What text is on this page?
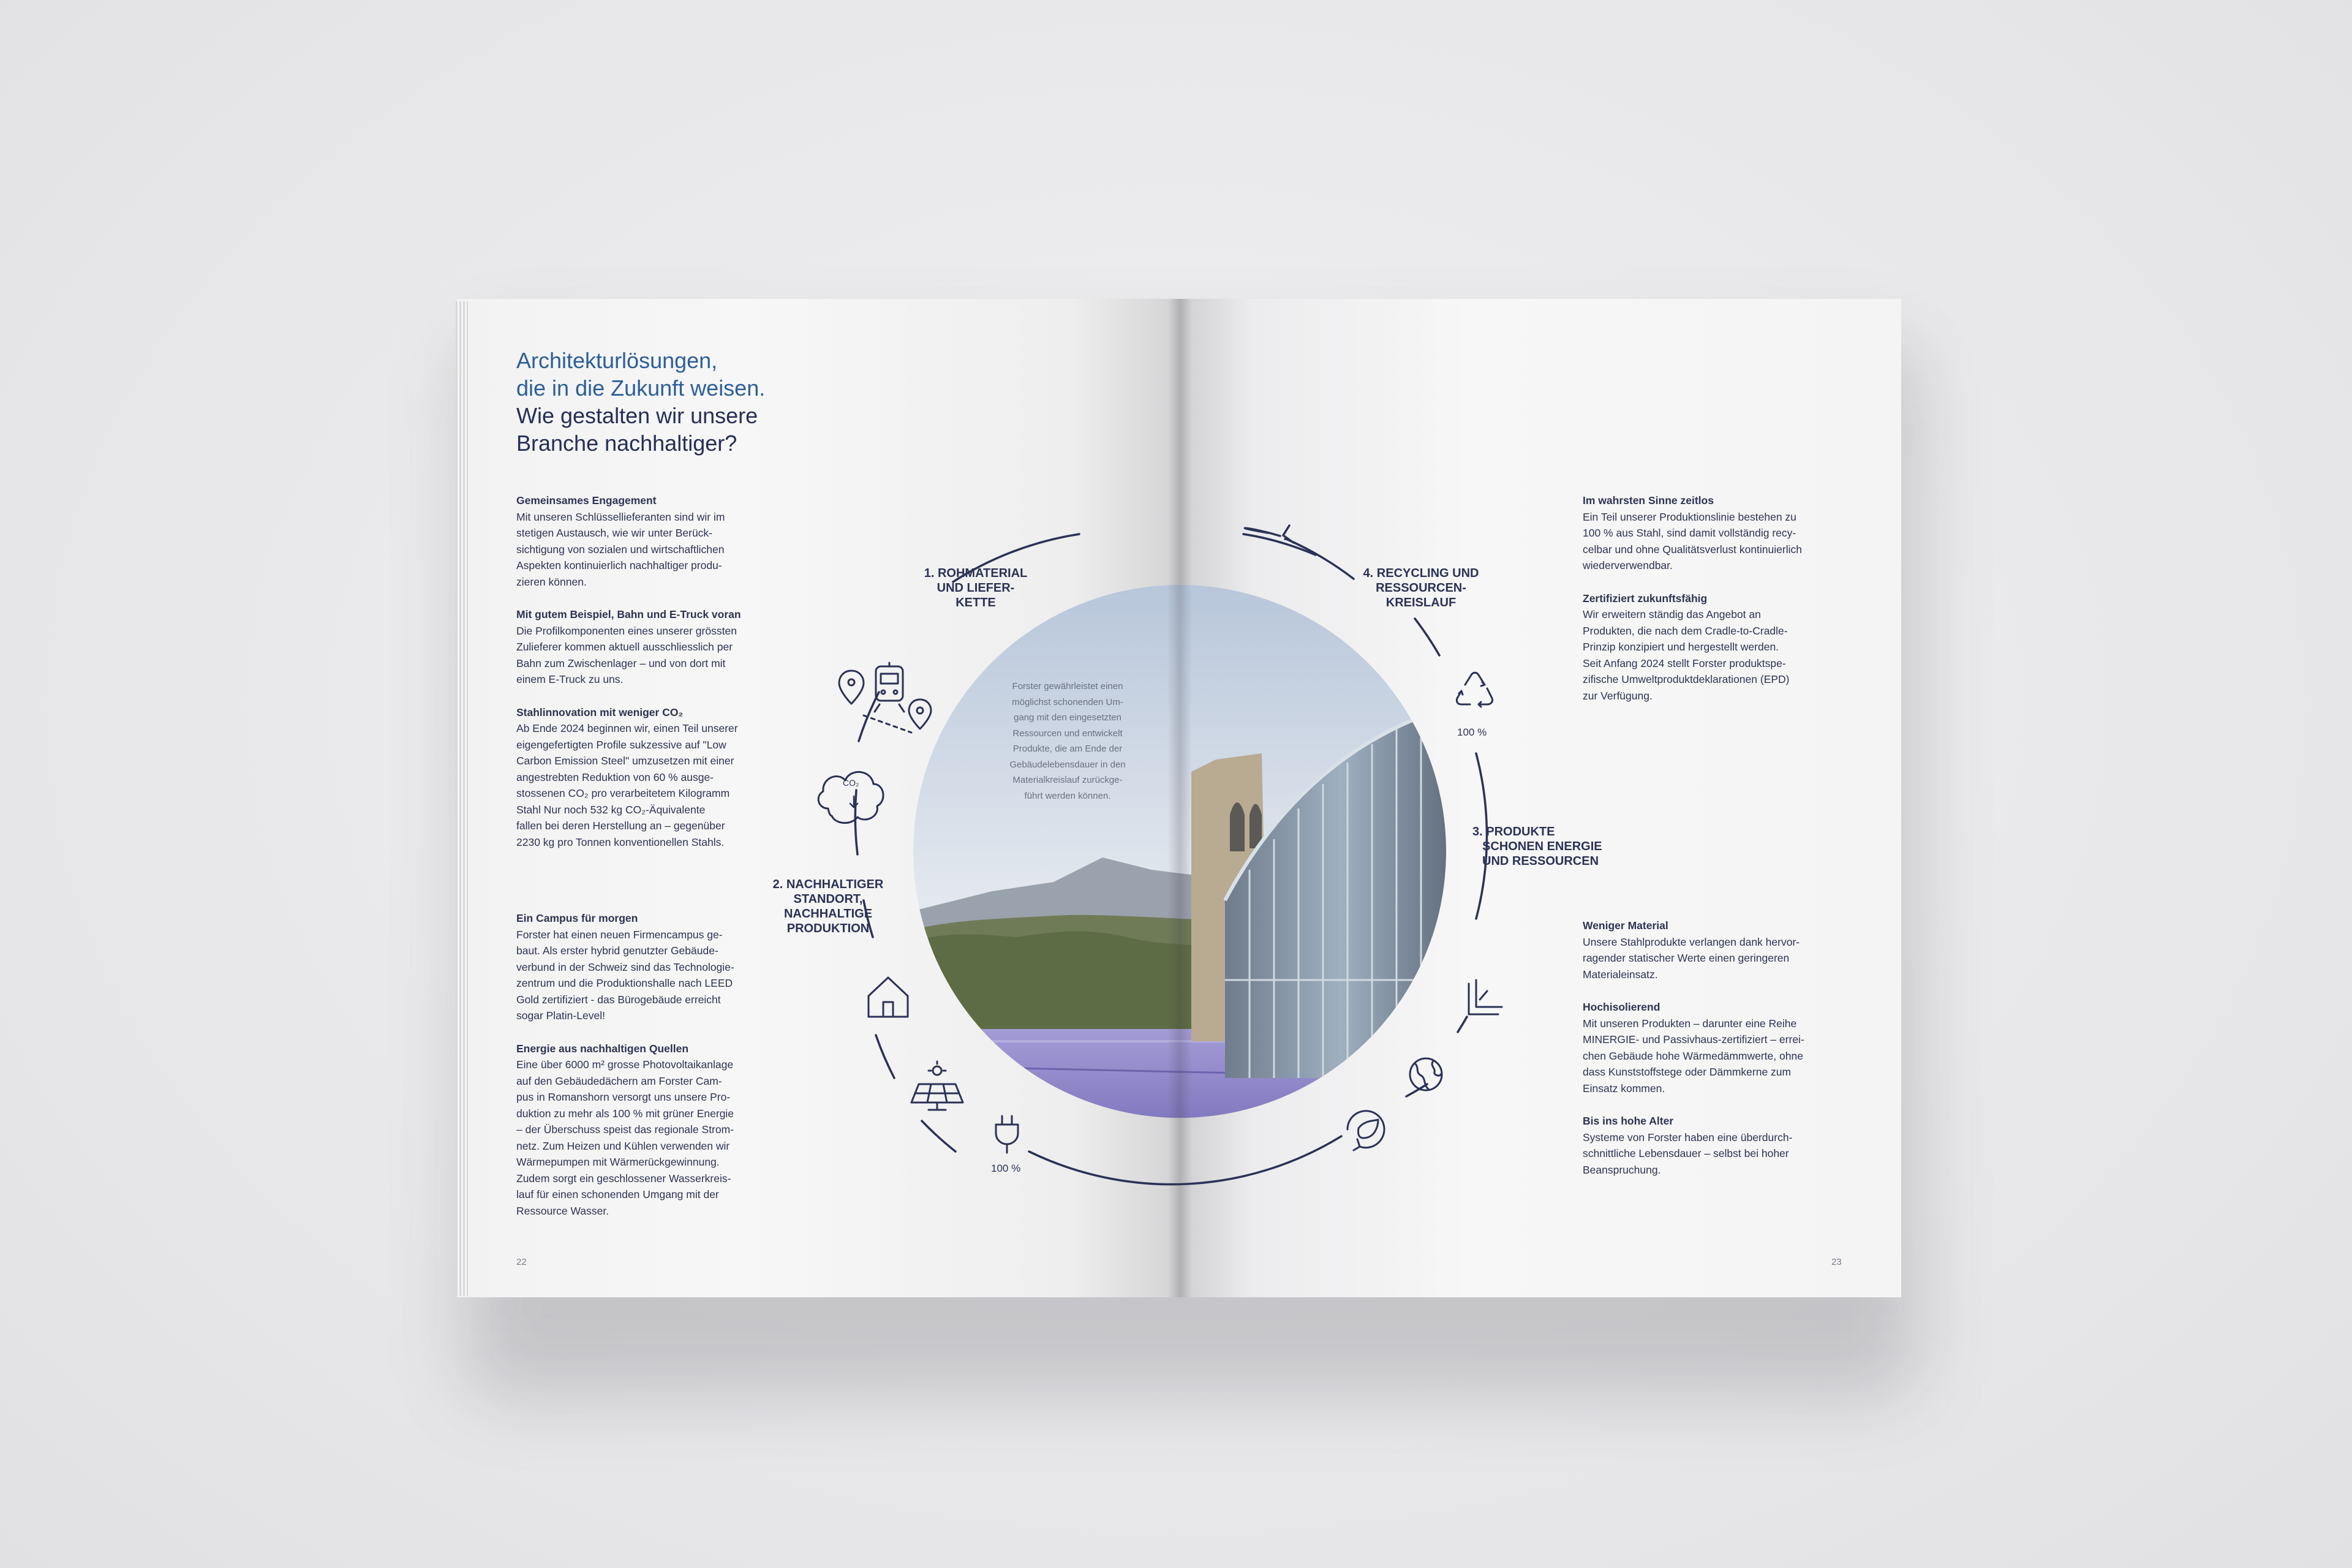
Architekturlösungen,
die in die Zukunft weisen.
Wie gestalten wir unsere
Branche nachhaltiger?

Gemeinsames Engagement

Mit unseren Schlüssellieferanten sind wir im

stetigen Austausch, wie wir unter Berück-

sichtigung von sozialen und wirtschaftlichen

Aspekten kontinuierlich nachhaltiger produ-

zieren können.

Mit gutem Beispiel, Bahn und E-Truck voran

Die Profilkomponenten eines unserer grössten

Zulieferer kommen aktuell ausschliesslich per

Bahn zum Zwischenlager – und von dort mit

einem E-Truck zu uns.

Stahlinnovation mit weniger CO₂

Ab Ende 2024 beginnen wir, einen Teil unserer

eigengefertigten Profile sukzessive auf "Low

Carbon Emission Steel" umzusetzen mit einer

angestrebten Reduktion von 60 % ausge-

stossenen CO₂ pro verarbeitetem Kilogramm

Stahl Nur noch 532 kg CO₂-Äquivalente

fallen bei deren Herstellung an – gegenüber

2230 kg pro Tonnen konventionellen Stahls.

Ein Campus für morgen

Forster hat einen neuen Firmencampus ge-

baut. Als erster hybrid genutzter Gebäude-

verbund in der Schweiz sind das Technologie-

zentrum und die Produktionshalle nach LEED

Gold zertifiziert - das Bürogebäude erreicht

sogar Platin-Level!

Energie aus nachhaltigen Quellen

Eine über 6000 m² grosse Photovoltaikanlage

auf den Gebäudedächern am Forster Cam-

pus in Romanshorn versorgt uns unsere Pro-

duktion zu mehr als 100 % mit grüner Energie

– der Überschuss speist das regionale Strom-

netz. Zum Heizen und Kühlen verwenden wir

Wärmepumpen mit Wärmerückgewinnung.

Zudem sorgt ein geschlossener Wasserkreis-

lauf für einen schonenden Umgang mit der

Ressource Wasser.

22
1. ROHMATERIAL
UND LIEFER-
KETTE
2. NACHHALTIGER
STANDORT,
NACHHALTIGE
PRODUKTION
3. PRODUKTE
SCHONEN ENERGIE
UND RESSOURCEN
4. RECYCLING UND
RESSOURCEN-
KREISLAUF
100 %
100 %
CO₂
Forster gewährleistet einen
möglichst schonenden Um-
gang mit den eingesetzten
Ressourcen und entwickelt
Produkte, die am Ende der
Gebäudelebensdauer in den
Materialkreislauf zurückge-
führt werden können.

Im wahrsten Sinne zeitlos

Ein Teil unserer Produktionslinie bestehen zu

100 % aus Stahl, sind damit vollständig recy-

celbar und ohne Qualitätsverlust kontinuierlich

wiederverwendbar.

Zertifiziert zukunftsfähig

Wir erweitern ständig das Angebot an

Produkten, die nach dem Cradle-to-Cradle-

Prinzip konzipiert und hergestellt werden.

Seit Anfang 2024 stellt Forster produktspe-

zifische Umweltproduktdeklarationen (EPD)

zur Verfügung.

Weniger Material

Unsere Stahlprodukte verlangen dank hervor-

ragender statischer Werte einen geringeren

Materialeinsatz.

Hochisolierend

Mit unseren Produkten – darunter eine Reihe

MINERGIE- und Passivhaus-zertifiziert – errei-

chen Gebäude hohe Wärmedämmwerte, ohne

dass Kunststoffstege oder Dämmkerne zum

Einsatz kommen.

Bis ins hohe Alter

Systeme von Forster haben eine überdurch-

schnittliche Lebensdauer – selbst bei hoher

Beanspruchung.

23
